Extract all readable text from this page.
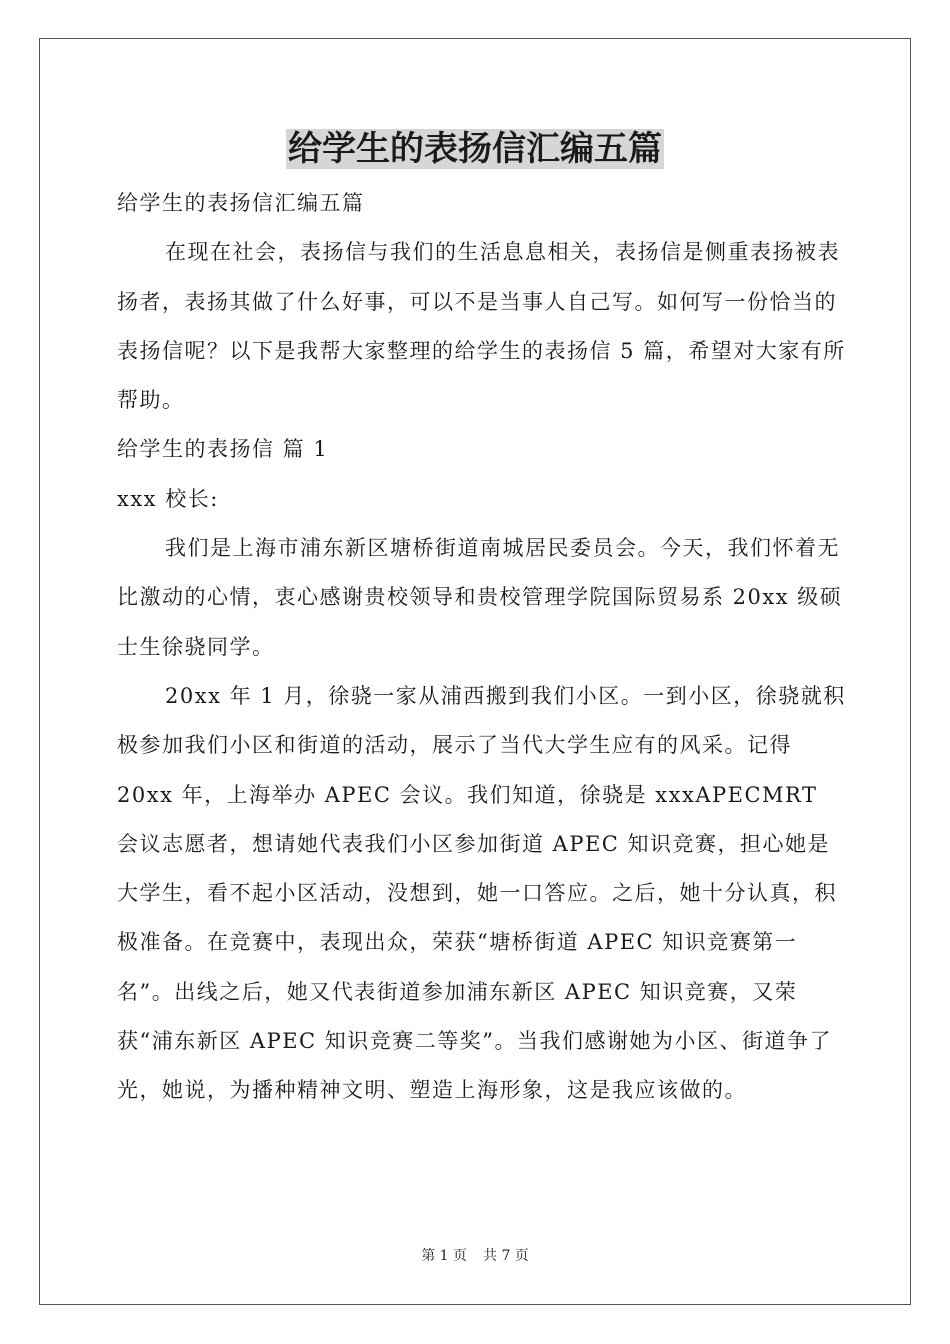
给学生的表扬信汇编五篇

给学生的表扬信汇编五篇

在现在社会，表扬信与我们的生活息息相关，表扬信是侧重表扬被表扬者，表扬其做了什么好事，可以不是当事人自己写。如何写一份恰当的表扬信呢？以下是我帮大家整理的给学生的表扬信 5 篇，希望对大家有所帮助。

给学生的表扬信 篇 1

xxx 校长:

我们是上海市浦东新区塘桥街道南城居民委员会。今天，我们怀着无比激动的心情，衷心感谢贵校领导和贵校管理学院国际贸易系 20xx 级硕士生徐骁同学。

20xx 年 1 月，徐骁一家从浦西搬到我们小区。一到小区，徐骁就积极参加我们小区和街道的活动，展示了当代大学生应有的风采。记得 20xx 年，上海举办 APEC 会议。我们知道，徐骁是 xxxAPECMRT 会议志愿者，想请她代表我们小区参加街道 APEC 知识竞赛，担心她是大学生，看不起小区活动，没想到，她一口答应。之后，她十分认真，积极准备。在竞赛中，表现出众，荣获“塘桥街道 APEC 知识竞赛第一名”。出线之后，她又代表街道参加浦东新区 APEC 知识竞赛，又荣获“浦东新区 APEC 知识竞赛二等奖”。当我们感谢她为小区、街道争了光，她说，为播种精神文明、塑造上海形象，这是我应该做的。

第 1 页 共 7 页
